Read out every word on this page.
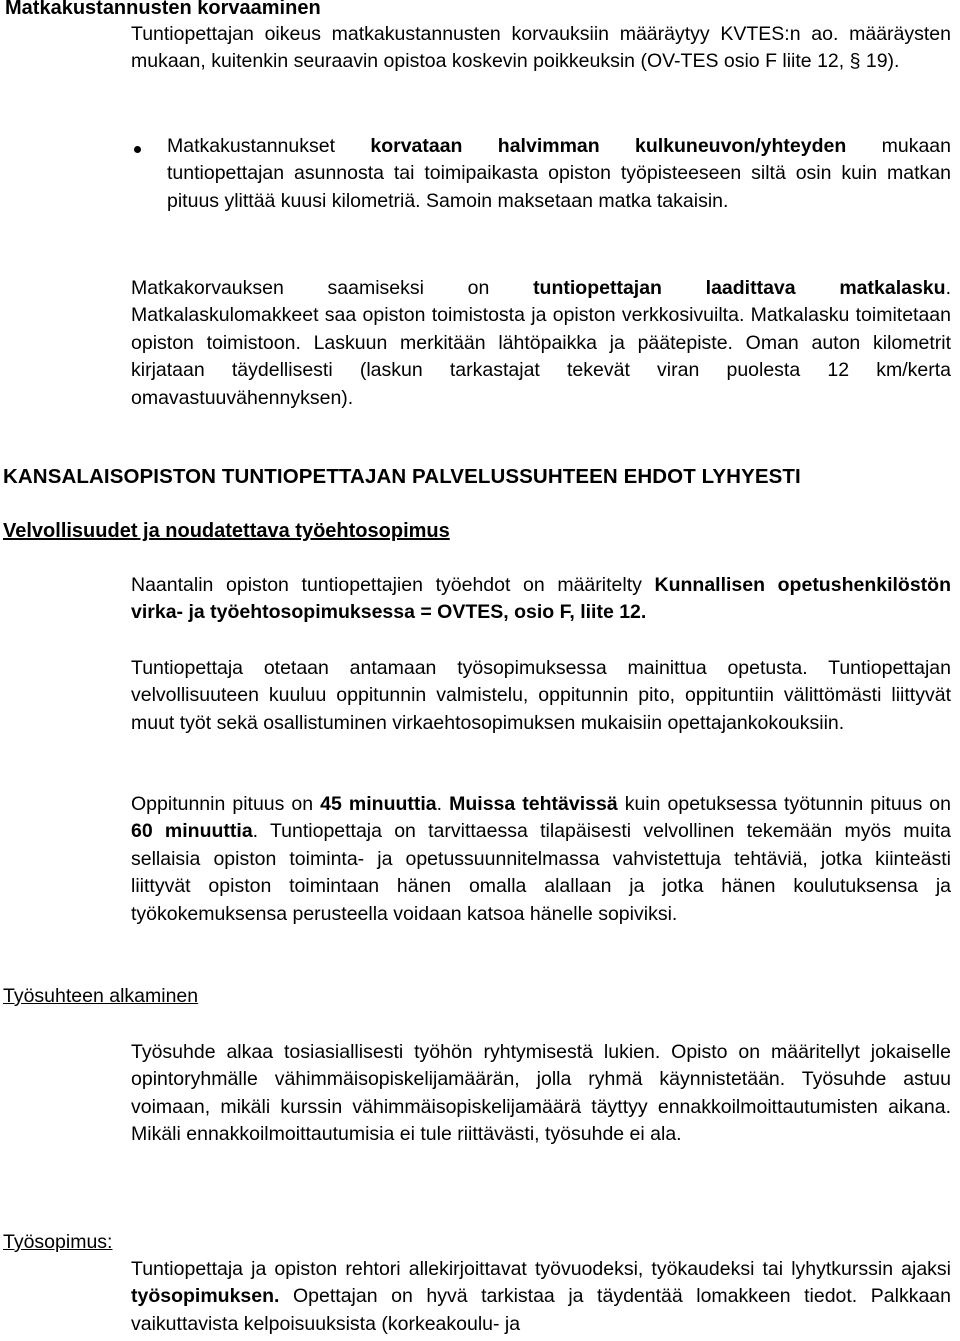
Matkakustannusten korvaaminen
Tuntiopettajan oikeus matkakustannusten korvauksiin määräytyy KVTES:n ao. määräysten mukaan, kuitenkin seuraavin opistoa koskevin poikkeuksin (OV-TES osio F liite 12, § 19).
Matkakustannukset korvataan halvimman kulkuneuvon/yhteyden mukaan tuntiopettajan asunnosta tai toimipaikasta opiston työpisteeseen siltä osin kuin matkan pituus ylittää kuusi kilometriä. Samoin maksetaan matka takaisin.
Matkakorvauksen saamiseksi on tuntiopettajan laadittava matkalasku. Matkalaskulomakkeet saa opiston toimistosta ja opiston verkkosivuilta. Matkalasku toimitetaan opiston toimistoon. Laskuun merkitään lähtöpaikka ja päätepiste. Oman auton kilometrit kirjataan täydellisesti (laskun tarkastajat tekevät viran puolesta 12 km/kerta omavastuuvähennyksen).
KANSALAISOPISTON TUNTIOPETTAJAN PALVELUSSUHTEEN EHDOT LYHYESTI
Velvollisuudet ja noudatettava työehtosopimus
Naantalin opiston tuntiopettajien työehdot on määritelty Kunnallisen opetushenkilöstön virka- ja työehtosopimuksessa = OVTES, osio F, liite 12.
Tuntiopettaja otetaan antamaan työsopimuksessa mainittua opetusta. Tuntiopettajan velvollisuuteen kuuluu oppitunnin valmistelu, oppitunnin pito, oppituntiin välittömästi liittyvät muut työt sekä osallistuminen virkaehtosopimuksen mukaisiin opettajankokouksiin.
Oppitunnin pituus on 45 minuuttia. Muissa tehtävissä kuin opetuksessa työtunnin pituus on 60 minuuttia. Tuntiopettaja on tarvittaessa tilapäisesti velvollinen tekemään myös muita sellaisia opiston toiminta- ja opetussuunnitelmassa vahvistettuja tehtäviä, jotka kiinteästi liittyvät opiston toimintaan hänen omalla alallaan ja jotka hänen koulutuksensa ja työkokemuksensa perusteella voidaan katsoa hänelle sopiviksi.
Työsuhteen alkaminen
Työsuhde alkaa tosiasiallisesti työhön ryhtymisestä lukien. Opisto on määritellyt jokaiselle opintoryhmälle vähimmäisopiskelijamäärän, jolla ryhmä käynnistetään. Työsuhde astuu voimaan, mikäli kurssin vähimmäisopiskelijamäärä täyttyy ennakkoilmoittautumisten aikana. Mikäli ennakkoilmoittautumisia ei tule riittävästi, työsuhde ei ala.
Työsopimus:
Tuntiopettaja ja opiston rehtori allekirjoittavat työvuodeksi, työkaudeksi tai lyhytkurssin ajaksi työsopimuksen. Opettajan on hyvä tarkistaa ja täydentää lomakkeen tiedot. Palkkaan vaikuttavista kelpoisuuksista (korkeakoulu- ja
